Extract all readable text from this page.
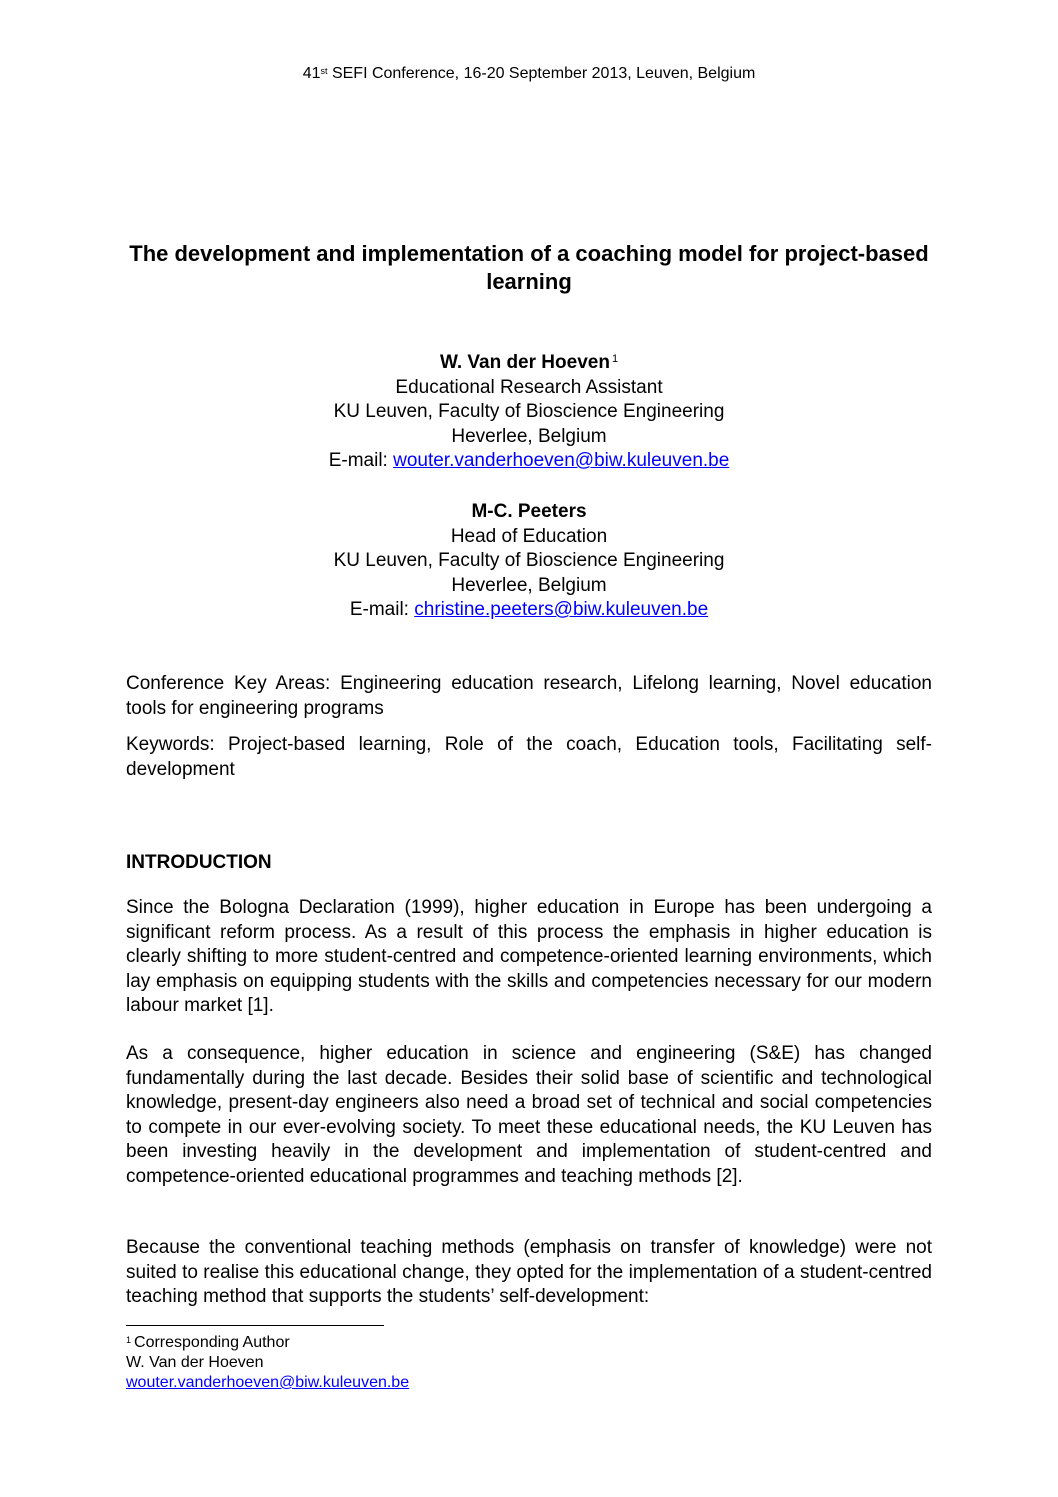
41st SEFI Conference, 16-20 September 2013, Leuven, Belgium
The development and implementation of a coaching model for project-based learning
W. Van der Hoeven $^1$
Educational Research Assistant
KU Leuven, Faculty of Bioscience Engineering
Heverlee, Belgium
E-mail: wouter.vanderhoeven@biw.kuleuven.be
M-C. Peeters
Head of Education
KU Leuven, Faculty of Bioscience Engineering
Heverlee, Belgium
E-mail: christine.peeters@biw.kuleuven.be
Conference Key Areas: Engineering education research, Lifelong learning, Novel education tools for engineering programs
Keywords: Project-based learning, Role of the coach, Education tools, Facilitating self-development
INTRODUCTION
Since the Bologna Declaration (1999), higher education in Europe has been undergoing a significant reform process. As a result of this process the emphasis in higher education is clearly shifting to more student-centred and competence-oriented learning environments, which lay emphasis on equipping students with the skills and competencies necessary for our modern labour market [1].
As a consequence, higher education in science and engineering (S&E) has changed fundamentally during the last decade. Besides their solid base of scientific and technological knowledge, present-day engineers also need a broad set of technical and social competencies to compete in our ever-evolving society. To meet these educational needs, the KU Leuven has been investing heavily in the development and implementation of student-centred and competence-oriented educational programmes and teaching methods [2].
Because the conventional teaching methods (emphasis on transfer of knowledge) were not suited to realise this educational change, they opted for the implementation of a student-centred teaching method that supports the students’ self-development:
$^1$ Corresponding Author
W. Van der Hoeven
wouter.vanderhoeven@biw.kuleuven.be
